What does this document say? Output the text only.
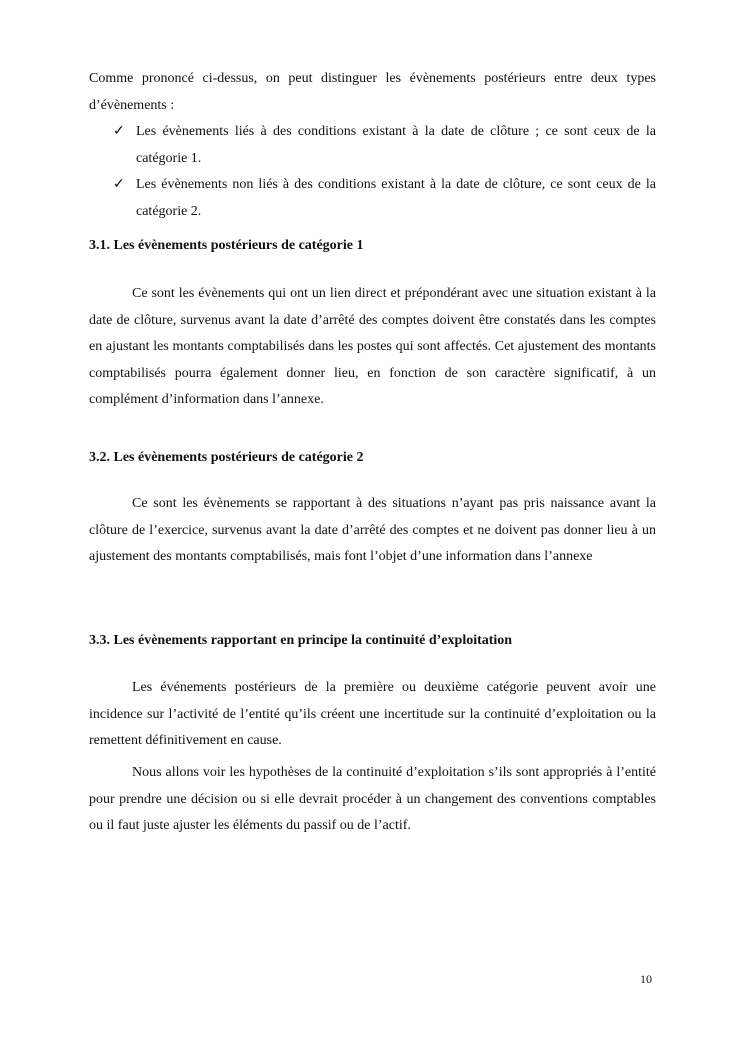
Comme prononcé ci-dessus, on peut distinguer les évènements postérieurs entre deux types d’évènements :

✓ Les évènements liés à des conditions existant à la date de clôture ; ce sont ceux de la catégorie 1.
✓ Les évènements non liés à des conditions existant à la date de clôture, ce sont ceux de la catégorie 2.
3.1. Les évènements postérieurs de catégorie 1

Ce sont les évènements qui ont un lien direct et prépondérant avec une situation existant à la date de clôture, survenus avant la date d’arrêté des comptes doivent être constatés dans les comptes en ajustant les montants comptabilisés dans les postes qui sont affectés. Cet ajustement des montants comptabilisés pourra également donner lieu, en fonction de son caractère significatif, à un complément d’information dans l’annexe.

3.2. Les évènements postérieurs de catégorie 2

Ce sont les évènements se rapportant à des situations n’ayant pas pris naissance avant la clôture de l’exercice, survenus avant la date d’arrêté des comptes et ne doivent pas donner lieu à un ajustement des montants comptabilisés, mais font l’objet d’une information dans l’annexe

3.3. Les évènements rapportant en principe la continuité d’exploitation

Les événements postérieurs de la première ou deuxième catégorie peuvent avoir une incidence sur l’activité de l’entité qu’ils créent une incertitude sur la continuité d’exploitation ou la remettent définitivement en cause.

Nous allons voir les hypothèses de la continuité d’exploitation s’ils sont appropriés à l’entité pour prendre une décision ou si elle devrait procéder à un changement des conventions comptables ou il faut juste ajuster les éléments du passif ou de l’actif.

10
